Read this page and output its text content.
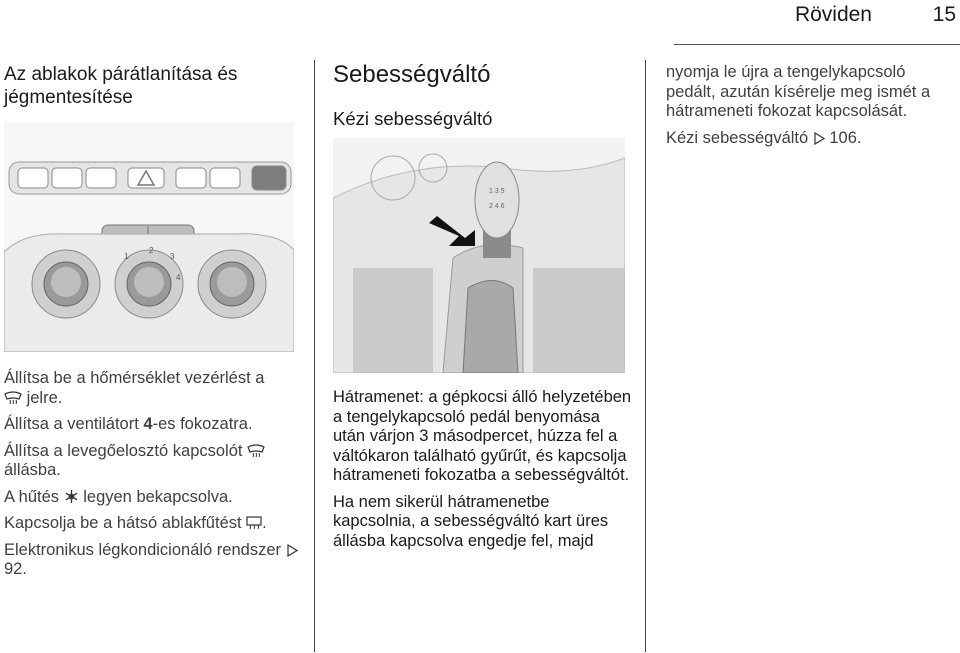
Röviden	15
Az ablakok párátlanítása és jégmentesítése
1
2
3
4

Állítsa be a hőmérséklet vezérlést a
jelre.

Állítsa a ventilátort 4-es fokozatra.

Állítsa a levegőelosztó kapcsolót
állásba.

A hűtés legyen bekapcsolva.

Kapcsolja be a hátsó ablakfűtést .

Elektronikus légkondicionáló rendszer  92.

Sebességváltó
Kézi sebességváltó
1 3 5
2 4 6

Hátramenet: a gépkocsi álló helyzetében a tengelykapcsoló pedál benyomása után várjon 3 másodpercet, húzza fel a váltókaron található gyűrűt, és kapcsolja hátrameneti fokozatba a sebességváltót.

Ha nem sikerül hátramenetbe kapcsolnia, a sebességváltó kart üres állásba kapcsolva engedje fel, majd

nyomja le újra a tengelykapcsoló pedált, azután kísérelje meg ismét a hátrameneti fokozat kapcsolását.

Kézi sebességváltó 106.
